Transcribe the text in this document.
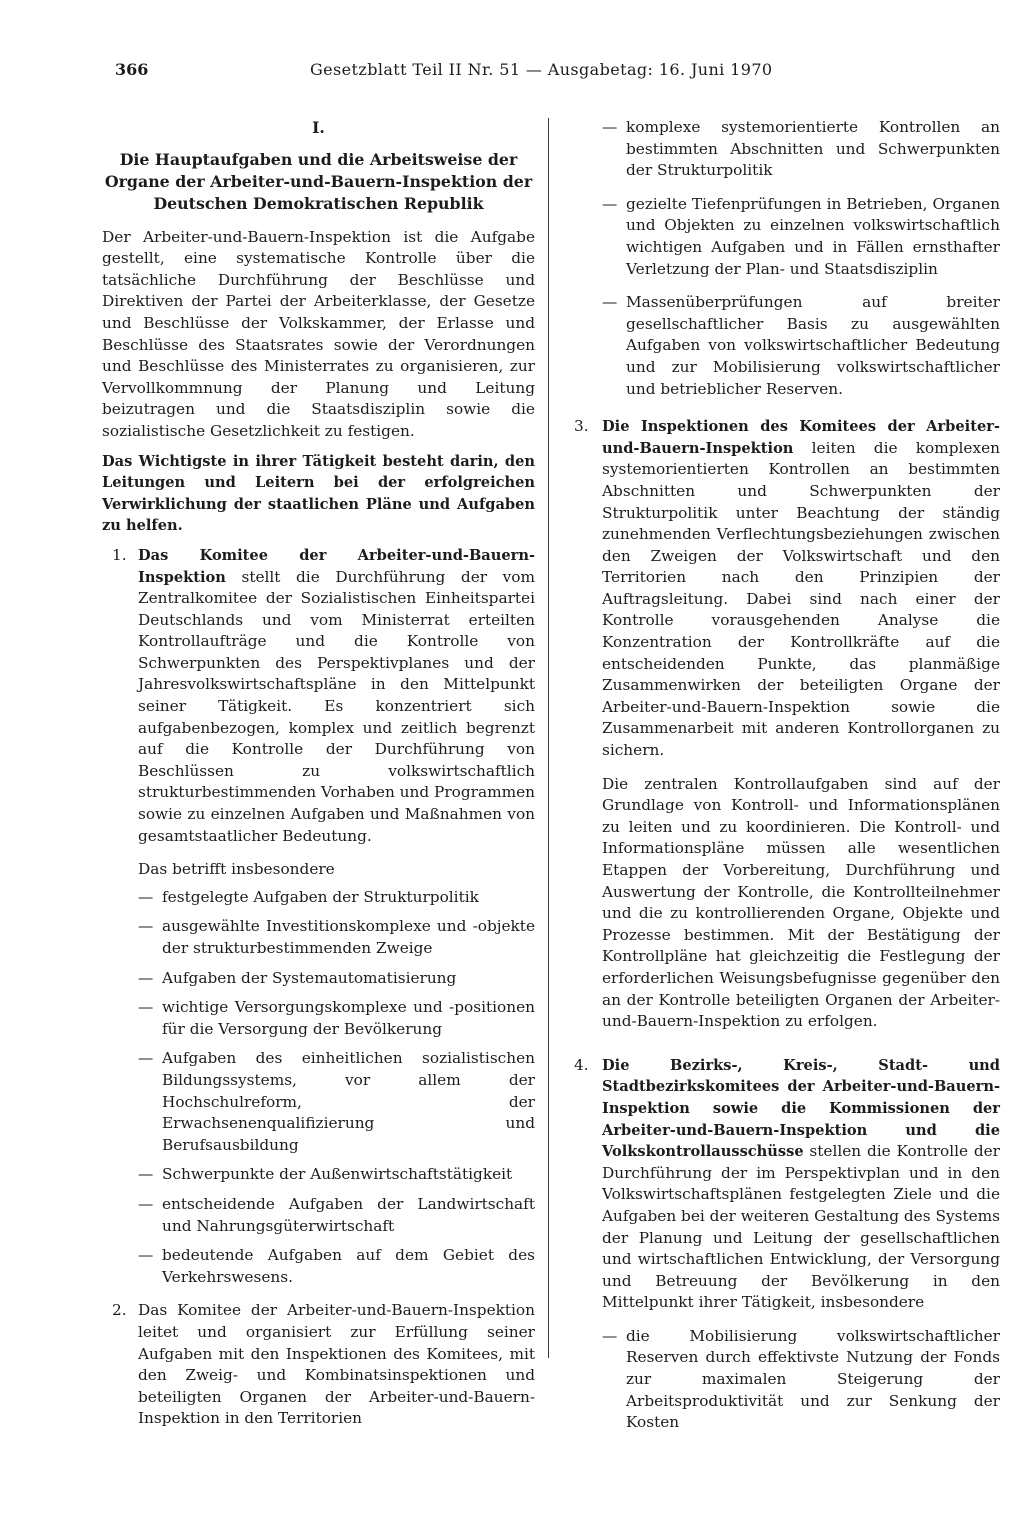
366	Gesetzblatt Teil II Nr. 51 — Ausgabetag: 16. Juni 1970

I.

Die Hauptaufgaben und die Arbeitsweise der Organe der Arbeiter-und-Bauern-Inspektion der Deutschen Demokratischen Republik

Der Arbeiter-und-Bauern-Inspektion ist die Aufgabe gestellt, eine systematische Kontrolle über die tatsächliche Durchführung der Beschlüsse und Direktiven der Partei der Arbeiterklasse, der Gesetze und Beschlüsse der Volkskammer, der Erlasse und Beschlüsse des Staatsrates sowie der Verordnungen und Beschlüsse des Ministerrates zu organisieren, zur Vervollkommnung der Planung und Leitung beizutragen und die Staatsdisziplin sowie die sozialistische Gesetzlichkeit zu festigen.

Das Wichtigste in ihrer Tätigkeit besteht darin, den Leitungen und Leitern bei der erfolgreichen Verwirklichung der staatlichen Pläne und Aufgaben zu helfen.

1. Das Komitee der Arbeiter-und-Bauern-Inspektion stellt die Durchführung der vom Zentralkomitee der Sozialistischen Einheitspartei Deutschlands und vom Ministerrat erteilten Kontrollaufträge und die Kontrolle von Schwerpunkten des Perspektivplanes und der Jahresvolkswirtschaftspläne in den Mittelpunkt seiner Tätigkeit. Es konzentriert sich aufgabenbezogen, komplex und zeitlich begrenzt auf die Kontrolle der Durchführung von Beschlüssen zu volkswirtschaftlich strukturbestimmenden Vorhaben und Programmen sowie zu einzelnen Aufgaben und Maßnahmen von gesamtstaatlicher Bedeutung.

Das betrifft insbesondere

— festgelegte Aufgaben der Strukturpolitik
— ausgewählte Investitionskomplexe und -objekte der strukturbestimmenden Zweige
— Aufgaben der Systemautomatisierung
— wichtige Versorgungskomplexe und -positionen für die Versorgung der Bevölkerung
— Aufgaben des einheitlichen sozialistischen Bildungssystems, vor allem der Hochschulreform, der Erwachsenenqualifizierung und Berufsausbildung
— Schwerpunkte der Außenwirtschaftstätigkeit
— entscheidende Aufgaben der Landwirtschaft und Nahrungsgüterwirtschaft
— bedeutende Aufgaben auf dem Gebiet des Verkehrswesens.
2. Das Komitee der Arbeiter-und-Bauern-Inspektion leitet und organisiert zur Erfüllung seiner Aufgaben mit den Inspektionen des Komitees, mit den Zweig- und Kombinatsinspektionen und beteiligten Organen der Arbeiter-und-Bauern-Inspektion in den Territorien
— komplexe systemorientierte Kontrollen an bestimmten Abschnitten und Schwerpunkten der Strukturpolitik
— gezielte Tiefenprüfungen in Betrieben, Organen und Objekten zu einzelnen volkswirtschaftlich wichtigen Aufgaben und in Fällen ernsthafter Verletzung der Plan- und Staatsdisziplin
— Massenüberprüfungen auf breiter gesellschaftlicher Basis zu ausgewählten Aufgaben von volkswirtschaftlicher Bedeutung und zur Mobilisierung volkswirtschaftlicher und betrieblicher Reserven.
3. Die Inspektionen des Komitees der Arbeiter-und-Bauern-Inspektion leiten die komplexen systemorientierten Kontrollen an bestimmten Abschnitten und Schwerpunkten der Strukturpolitik unter Beachtung der ständig zunehmenden Verflechtungsbeziehungen zwischen den Zweigen der Volkswirtschaft und den Territorien nach den Prinzipien der Auftragsleitung. Dabei sind nach einer der Kontrolle vorausgehenden Analyse die Konzentration der Kontrollkräfte auf die entscheidenden Punkte, das planmäßige Zusammenwirken der beteiligten Organe der Arbeiter-und-Bauern-Inspektion sowie die Zusammenarbeit mit anderen Kontrollorganen zu sichern.

Die zentralen Kontrollaufgaben sind auf der Grundlage von Kontroll- und Informationsplänen zu leiten und zu koordinieren. Die Kontroll- und Informationspläne müssen alle wesentlichen Etappen der Vorbereitung, Durchführung und Auswertung der Kontrolle, die Kontrollteilnehmer und die zu kontrollierenden Organe, Objekte und Prozesse bestimmen. Mit der Bestätigung der Kontrollpläne hat gleichzeitig die Festlegung der erforderlichen Weisungsbefugnisse gegenüber den an der Kontrolle beteiligten Organen der Arbeiter-und-Bauern-Inspektion zu erfolgen.

4. Die Bezirks-, Kreis-, Stadt- und Stadtbezirkskomitees der Arbeiter-und-Bauern-Inspektion sowie die Kommissionen der Arbeiter-und-Bauern-Inspektion und die Volkskontrollausschüsse stellen die Kontrolle der Durchführung der im Perspektivplan und in den Volkswirtschaftsplänen festgelegten Ziele und die Aufgaben bei der weiteren Gestaltung des Systems der Planung und Leitung der gesellschaftlichen und wirtschaftlichen Entwicklung, der Versorgung und Betreuung der Bevölkerung in den Mittelpunkt ihrer Tätigkeit, insbesondere
— die Mobilisierung volkswirtschaftlicher Reserven durch effektivste Nutzung der Fonds zur maximalen Steigerung der Arbeitsproduktivität und zur Senkung der Kosten
